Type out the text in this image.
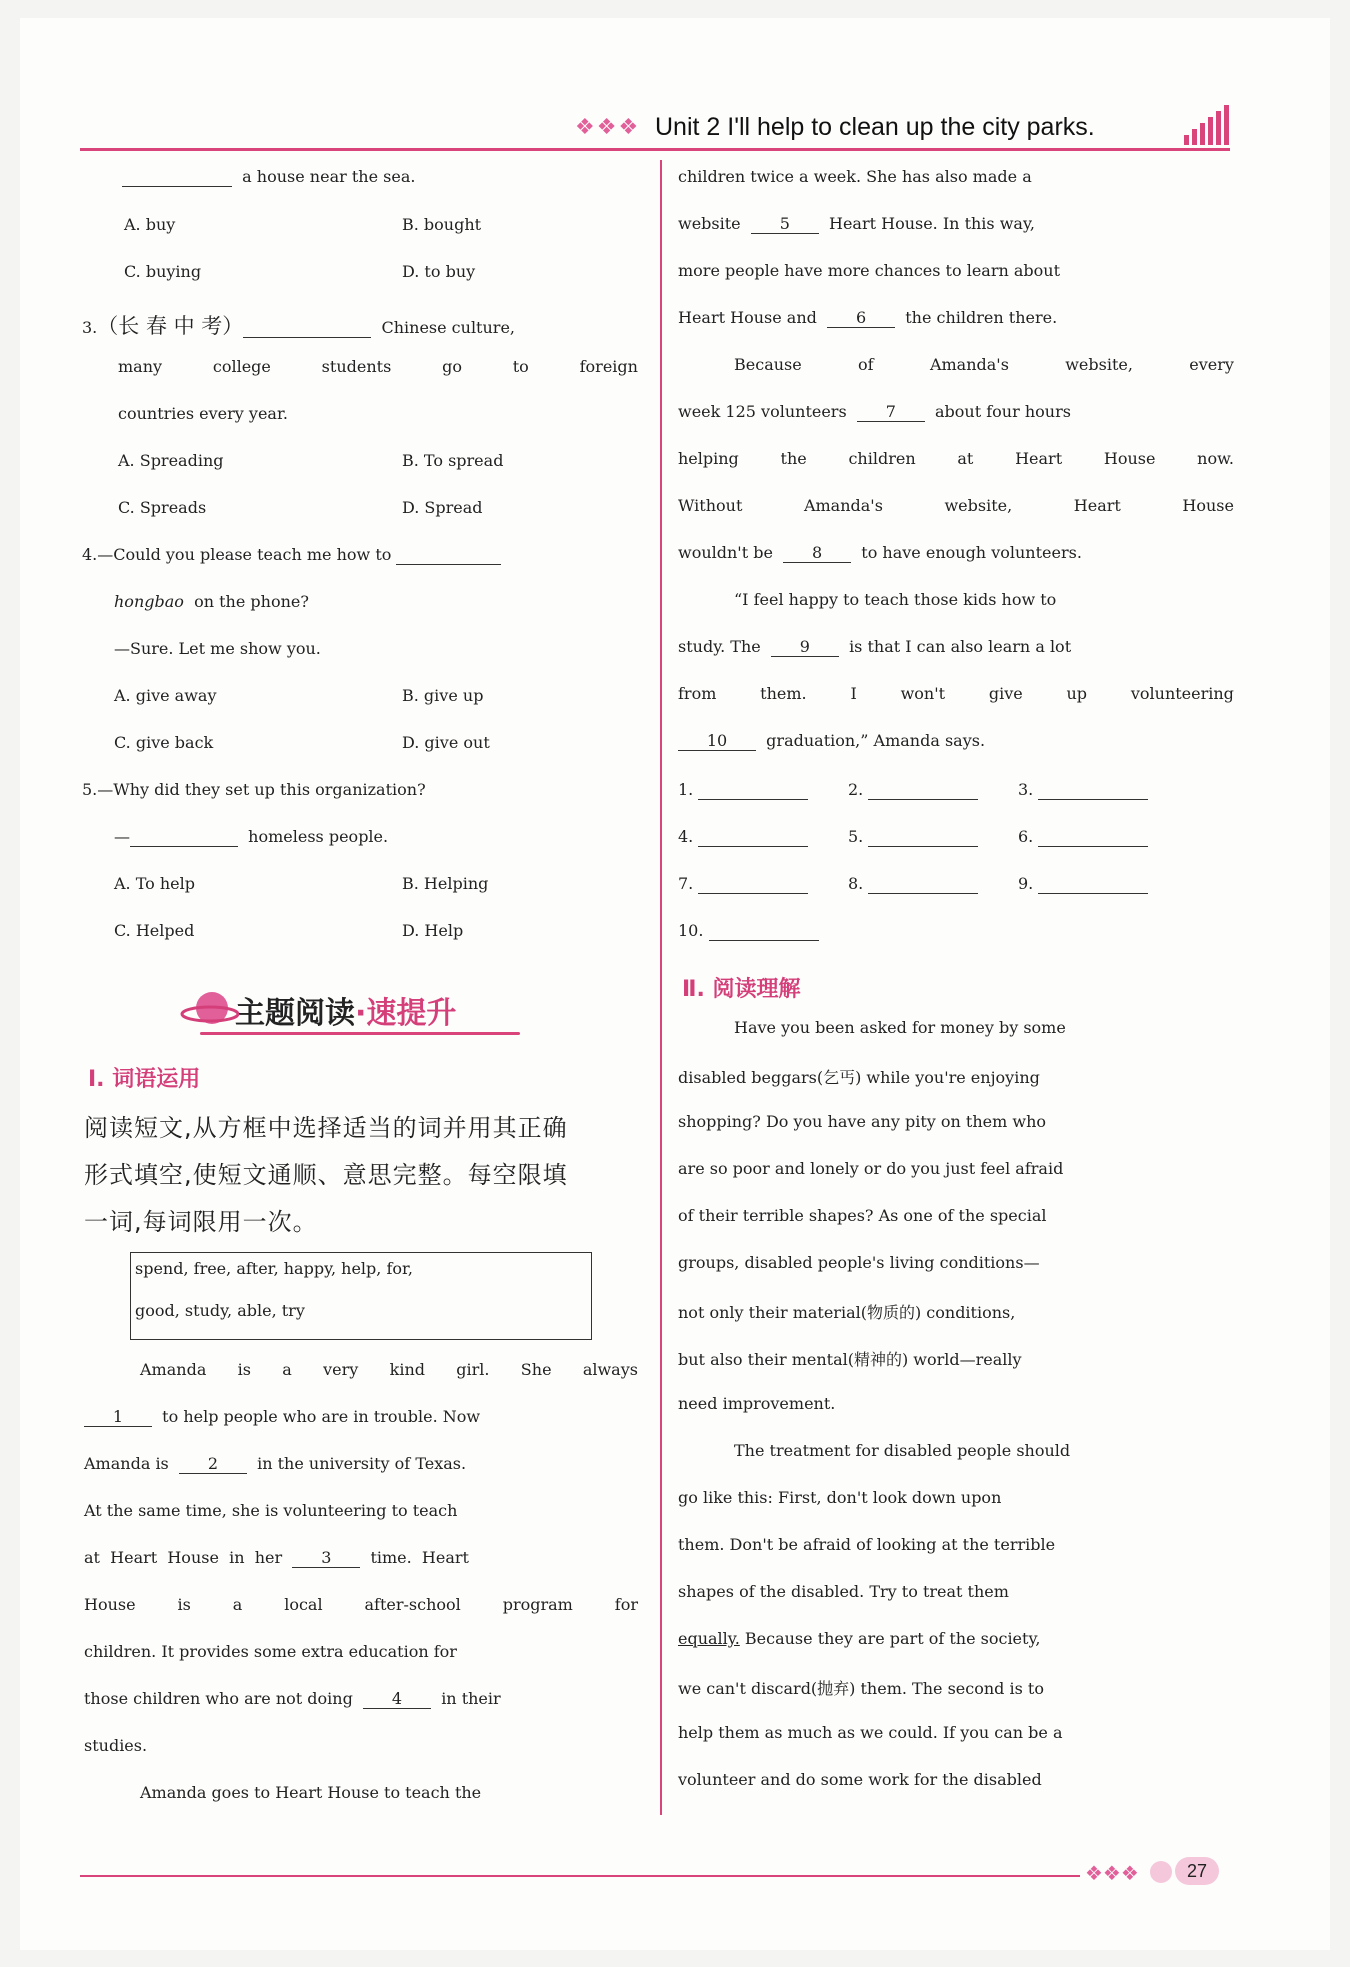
❖❖❖ Unit 2 I'll help to clean up the city parks.
a house near the sea.
A. buy	B. bought
C. buying	D. to buy
3.（长 春 中 考）	Chinese culture,
many	college	students	go	to	foreign
countries every year.
A. Spreading	B. To spread
C. Spreads	D. Spread
4.—Could you please teach me how to
hongbao on the phone?
—Sure. Let me show you.
A. give away	B. give up
C. give back	D. give out
5.—Why did they set up this organization?
—	homeless people.
A. To help	B. Helping
C. Helped	D. Help
主题阅读·速提升
Ⅰ. 词语运用
阅读短文,从方框中选择适当的词并用其正确
形式填空,使短文通顺、意思完整。每空限填
一词,每词限用一次。
spend, free, after, happy, help, for,
good, study, able, try
Amanda is a very kind girl. She always
1 to help people who are in trouble. Now
Amanda is 2 in the university of Texas.
At the same time, she is volunteering to teach
at  Heart  House  in  her 3 time.  Heart
House	is	a	local	after-school	program	for
children. It provides some extra education for
those children who are not doing 4 in their
studies.
Amanda goes to Heart House to teach the
children twice a week. She has also made a
website 5 Heart House. In this way,
more people have more chances to learn about
Heart House and 6 the children there.
Because	of	Amanda's	website,	every
week 125 volunteers 7 about four hours
helping	the	children	at	Heart	House	now.
Without	Amanda's	website,	Heart	House
wouldn't be 8 to have enough volunteers.
“I feel happy to teach those kids how to
study. The 9 is that I can also learn a lot
from	them.	I	won't	give	up	volunteering
10 graduation,” Amanda says.
1.	2.	3.
4.	5.	6.
7.	8.	9.
10.
Ⅱ. 阅读理解
Have you been asked for money by some
disabled beggars(乞丐) while you're enjoying
shopping? Do you have any pity on them who
are so poor and lonely or do you just feel afraid
of their terrible shapes? As one of the special
groups, disabled people's living conditions—
not only their material(物质的) conditions,
but also their mental(精神的) world—really
need improvement.
The treatment for disabled people should
go like this: First, don't look down upon
them. Don't be afraid of looking at the terrible
shapes of the disabled. Try to treat them
equally. Because they are part of the society,
we can't discard(抛弃) them. The second is to
help them as much as we could. If you can be a
volunteer and do some work for the disabled
❖❖❖	27
